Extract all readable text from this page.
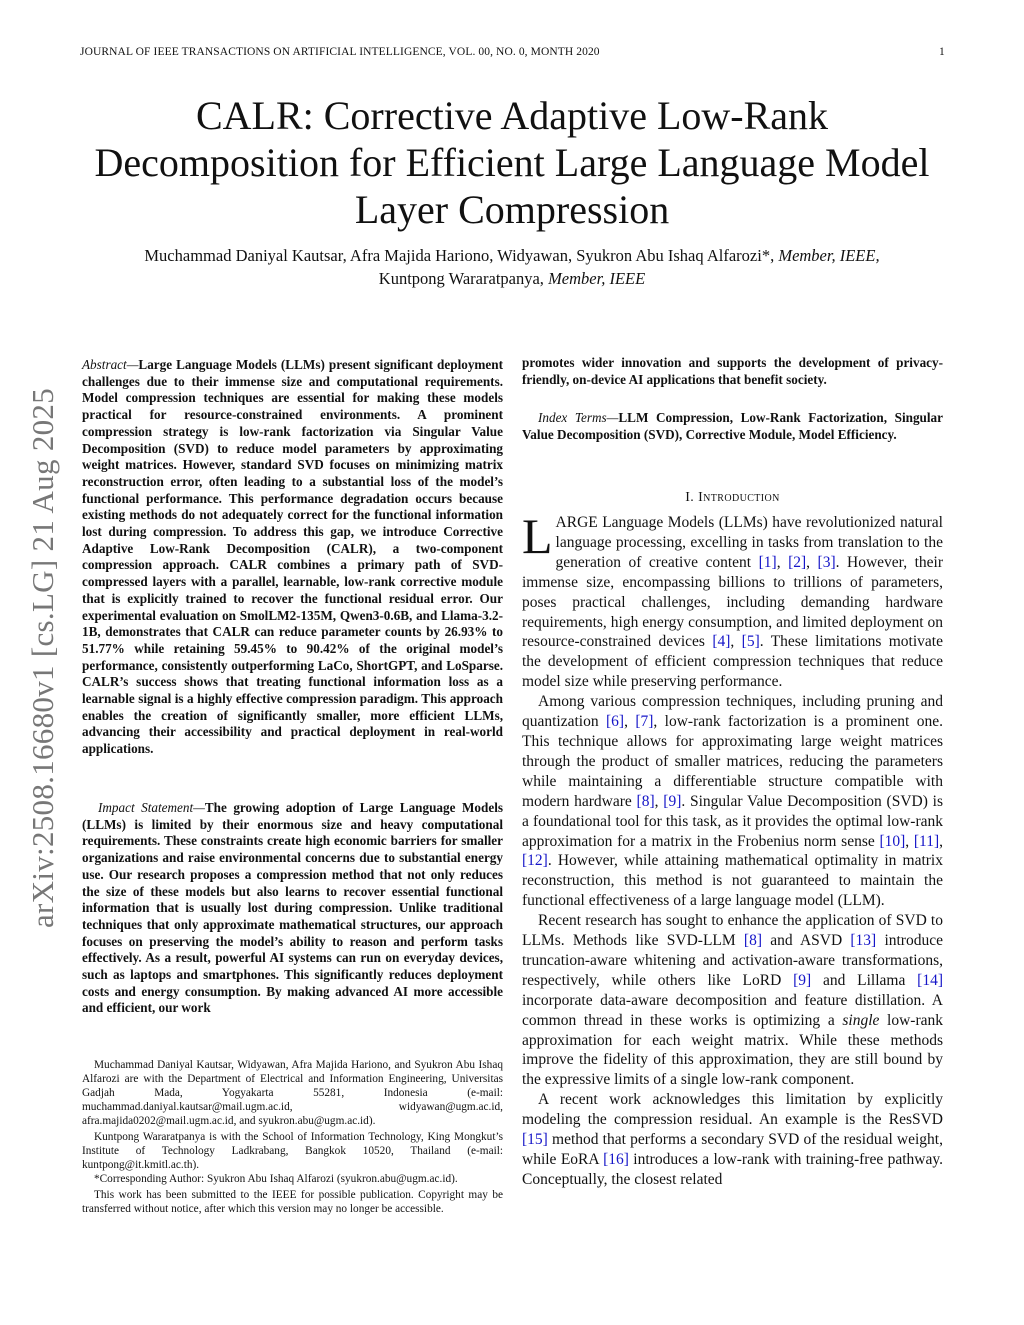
JOURNAL OF IEEE TRANSACTIONS ON ARTIFICIAL INTELLIGENCE, VOL. 00, NO. 0, MONTH 2020	1
CALR: Corrective Adaptive Low-Rank
Decomposition for Efficient Large Language Model
Layer Compression
Muchammad Daniyal Kautsar, Afra Majida Hariono, Widyawan, Syukron Abu Ishaq Alfarozi*, Member, IEEE,
Kuntpong Wararatpanya, Member, IEEE
arXiv:2508.16680v1 [cs.LG] 21 Aug 2025

Abstract—Large Language Models (LLMs) present significant deployment challenges due to their immense size and computational requirements. Model compression techniques are essential for making these models practical for resource-constrained environments. A prominent compression strategy is low-rank factorization via Singular Value Decomposition (SVD) to reduce model parameters by approximating weight matrices. However, standard SVD focuses on minimizing matrix reconstruction error, often leading to a substantial loss of the model’s functional performance. This performance degradation occurs because existing methods do not adequately correct for the functional information lost during compression. To address this gap, we introduce Corrective Adaptive Low-Rank Decomposition (CALR), a two-component compression approach. CALR combines a primary path of SVD-compressed layers with a parallel, learnable, low-rank corrective module that is explicitly trained to recover the functional residual error. Our experimental evaluation on SmolLM2-135M, Qwen3-0.6B, and Llama-3.2-1B, demonstrates that CALR can reduce parameter counts by 26.93% to 51.77% while retaining 59.45% to 90.42% of the original model’s performance, consistently outperforming LaCo, ShortGPT, and LoSparse. CALR’s success shows that treating functional information loss as a learnable signal is a highly effective compression paradigm. This approach enables the creation of significantly smaller, more efficient LLMs, advancing their accessibility and practical deployment in real-world applications.

Impact Statement—The growing adoption of Large Language Models (LLMs) is limited by their enormous size and heavy computational requirements. These constraints create high economic barriers for smaller organizations and raise environmental concerns due to substantial energy use. Our research proposes a compression method that not only reduces the size of these models but also learns to recover essential functional information that is usually lost during compression. Unlike traditional techniques that only approximate mathematical structures, our approach focuses on preserving the model’s ability to reason and perform tasks effectively. As a result, powerful AI systems can run on everyday devices, such as laptops and smartphones. This significantly reduces deployment costs and energy consumption. By making advanced AI more accessible and efficient, our work

Muchammad Daniyal Kautsar, Widyawan, Afra Majida Hariono, and Syukron Abu Ishaq Alfarozi are with the Department of Electrical and Information Engineering, Universitas Gadjah Mada, Yogyakarta 55281, Indonesia (e-mail: muchammad.daniyal.kautsar@mail.ugm.ac.id, widyawan@ugm.ac.id, afra.majida0202@mail.ugm.ac.id, and syukron.abu@ugm.ac.id).

Kuntpong Wararatpanya is with the School of Information Technology, King Mongkut’s Institute of Technology Ladkrabang, Bangkok 10520, Thailand (e-mail: kuntpong@it.kmitl.ac.th).

*Corresponding Author: Syukron Abu Ishaq Alfarozi (syukron.abu@ugm.ac.id).

This work has been submitted to the IEEE for possible publication. Copyright may be transferred without notice, after which this version may no longer be accessible.

promotes wider innovation and supports the development of privacy-friendly, on-device AI applications that benefit society.

Index Terms—LLM Compression, Low-Rank Factorization, Singular Value Decomposition (SVD), Corrective Module, Model Efficiency.

I. Introduction

LARGE Language Models (LLMs) have revolutionized natural language processing, excelling in tasks from translation to the generation of creative content [1], [2], [3]. However, their immense size, encompassing billions to trillions of parameters, poses practical challenges, including demanding hardware requirements, high energy consumption, and limited deployment on resource-constrained devices [4], [5]. These limitations motivate the development of efficient compression techniques that reduce model size while preserving performance.

Among various compression techniques, including pruning and quantization [6], [7], low-rank factorization is a prominent one. This technique allows for approximating large weight matrices through the product of smaller matrices, reducing the parameters while maintaining a differentiable structure compatible with modern hardware [8], [9]. Singular Value Decomposition (SVD) is a foundational tool for this task, as it provides the optimal low-rank approximation for a matrix in the Frobenius norm sense [10], [11], [12]. However, while attaining mathematical optimality in matrix reconstruction, this method is not guaranteed to maintain the functional effectiveness of a large language model (LLM).

Recent research has sought to enhance the application of SVD to LLMs. Methods like SVD-LLM [8] and ASVD [13] introduce truncation-aware whitening and activation-aware transformations, respectively, while others like LoRD [9] and Lillama [14] incorporate data-aware decomposition and feature distillation. A common thread in these works is optimizing a single low-rank approximation for each weight matrix. While these methods improve the fidelity of this approximation, they are still bound by the expressive limits of a single low-rank component.

A recent work acknowledges this limitation by explicitly modeling the compression residual. An example is the ResSVD [15] method that performs a secondary SVD of the residual weight, while EoRA [16] introduces a low-rank with training-free pathway. Conceptually, the closest related
